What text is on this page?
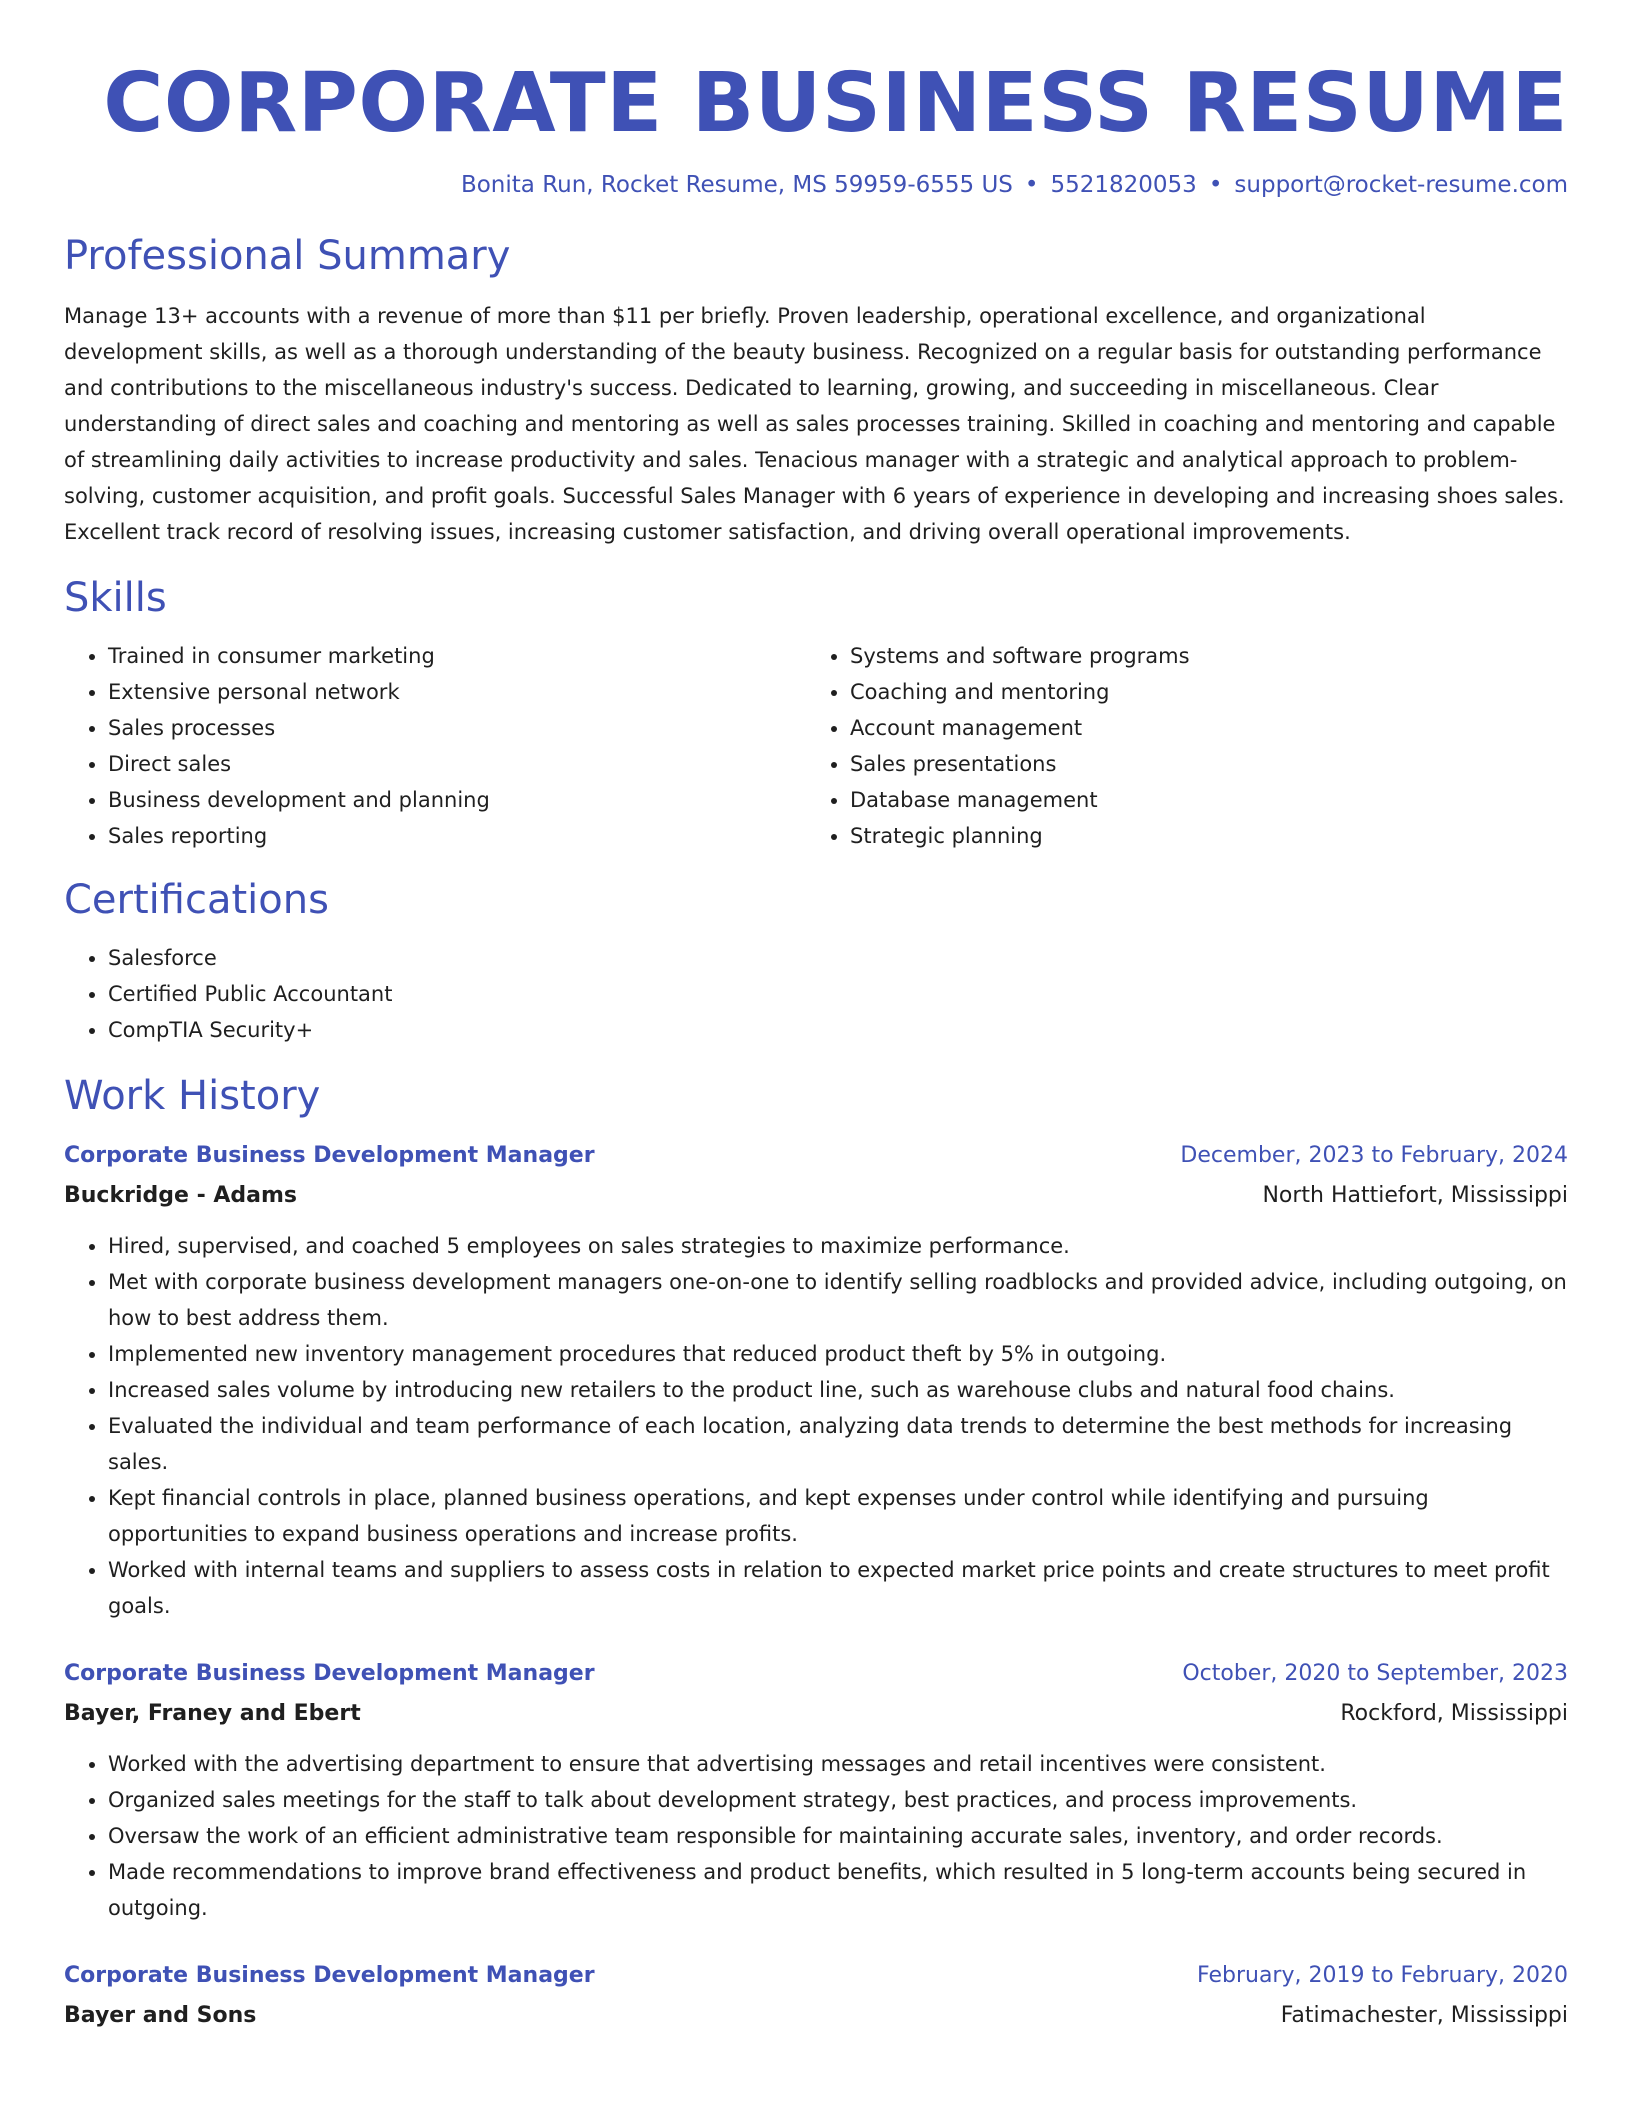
CORPORATE BUSINESS RESUME
Bonita Run, Rocket Resume, MS 59959-6555 US • 5521820053 • support@rocket-resume.com
Professional Summary

Manage 13+ accounts with a revenue of more than $11 per briefly. Proven leadership, operational excellence, and organizational development skills, as well as a thorough understanding of the beauty business. Recognized on a regular basis for outstanding performance and contributions to the miscellaneous industry's success. Dedicated to learning, growing, and succeeding in miscellaneous. Clear understanding of direct sales and coaching and mentoring as well as sales processes training. Skilled in coaching and mentoring and capable of streamlining daily activities to increase productivity and sales. Tenacious manager with a strategic and analytical approach to problem-solving, customer acquisition, and profit goals. Successful Sales Manager with 6 years of experience in developing and increasing shoes sales. Excellent track record of resolving issues, increasing customer satisfaction, and driving overall operational improvements.

Skills
• Trained in consumer marketing
• Extensive personal network
• Sales processes
• Direct sales
• Business development and planning
• Sales reporting
• Systems and software programs
• Coaching and mentoring
• Account management
• Sales presentations
• Database management
• Strategic planning
Certifications
• Salesforce
• Certified Public Accountant
• CompTIA Security+
Work History
Corporate Business Development Manager	December, 2023 to February, 2024
Buckridge - Adams	North Hattiefort, Mississippi
• Hired, supervised, and coached 5 employees on sales strategies to maximize performance.
• Met with corporate business development managers one-on-one to identify selling roadblocks and provided advice, including outgoing, on how to best address them.
• Implemented new inventory management procedures that reduced product theft by 5% in outgoing.
• Increased sales volume by introducing new retailers to the product line, such as warehouse clubs and natural food chains.
• Evaluated the individual and team performance of each location, analyzing data trends to determine the best methods for increasing sales.
• Kept financial controls in place, planned business operations, and kept expenses under control while identifying and pursuing opportunities to expand business operations and increase profits.
• Worked with internal teams and suppliers to assess costs in relation to expected market price points and create structures to meet profit goals.
Corporate Business Development Manager	October, 2020 to September, 2023
Bayer, Franey and Ebert	Rockford, Mississippi
• Worked with the advertising department to ensure that advertising messages and retail incentives were consistent.
• Organized sales meetings for the staff to talk about development strategy, best practices, and process improvements.
• Oversaw the work of an efficient administrative team responsible for maintaining accurate sales, inventory, and order records.
• Made recommendations to improve brand effectiveness and product benefits, which resulted in 5 long-term accounts being secured in outgoing.
Corporate Business Development Manager	February, 2019 to February, 2020
Bayer and Sons	Fatimachester, Mississippi
